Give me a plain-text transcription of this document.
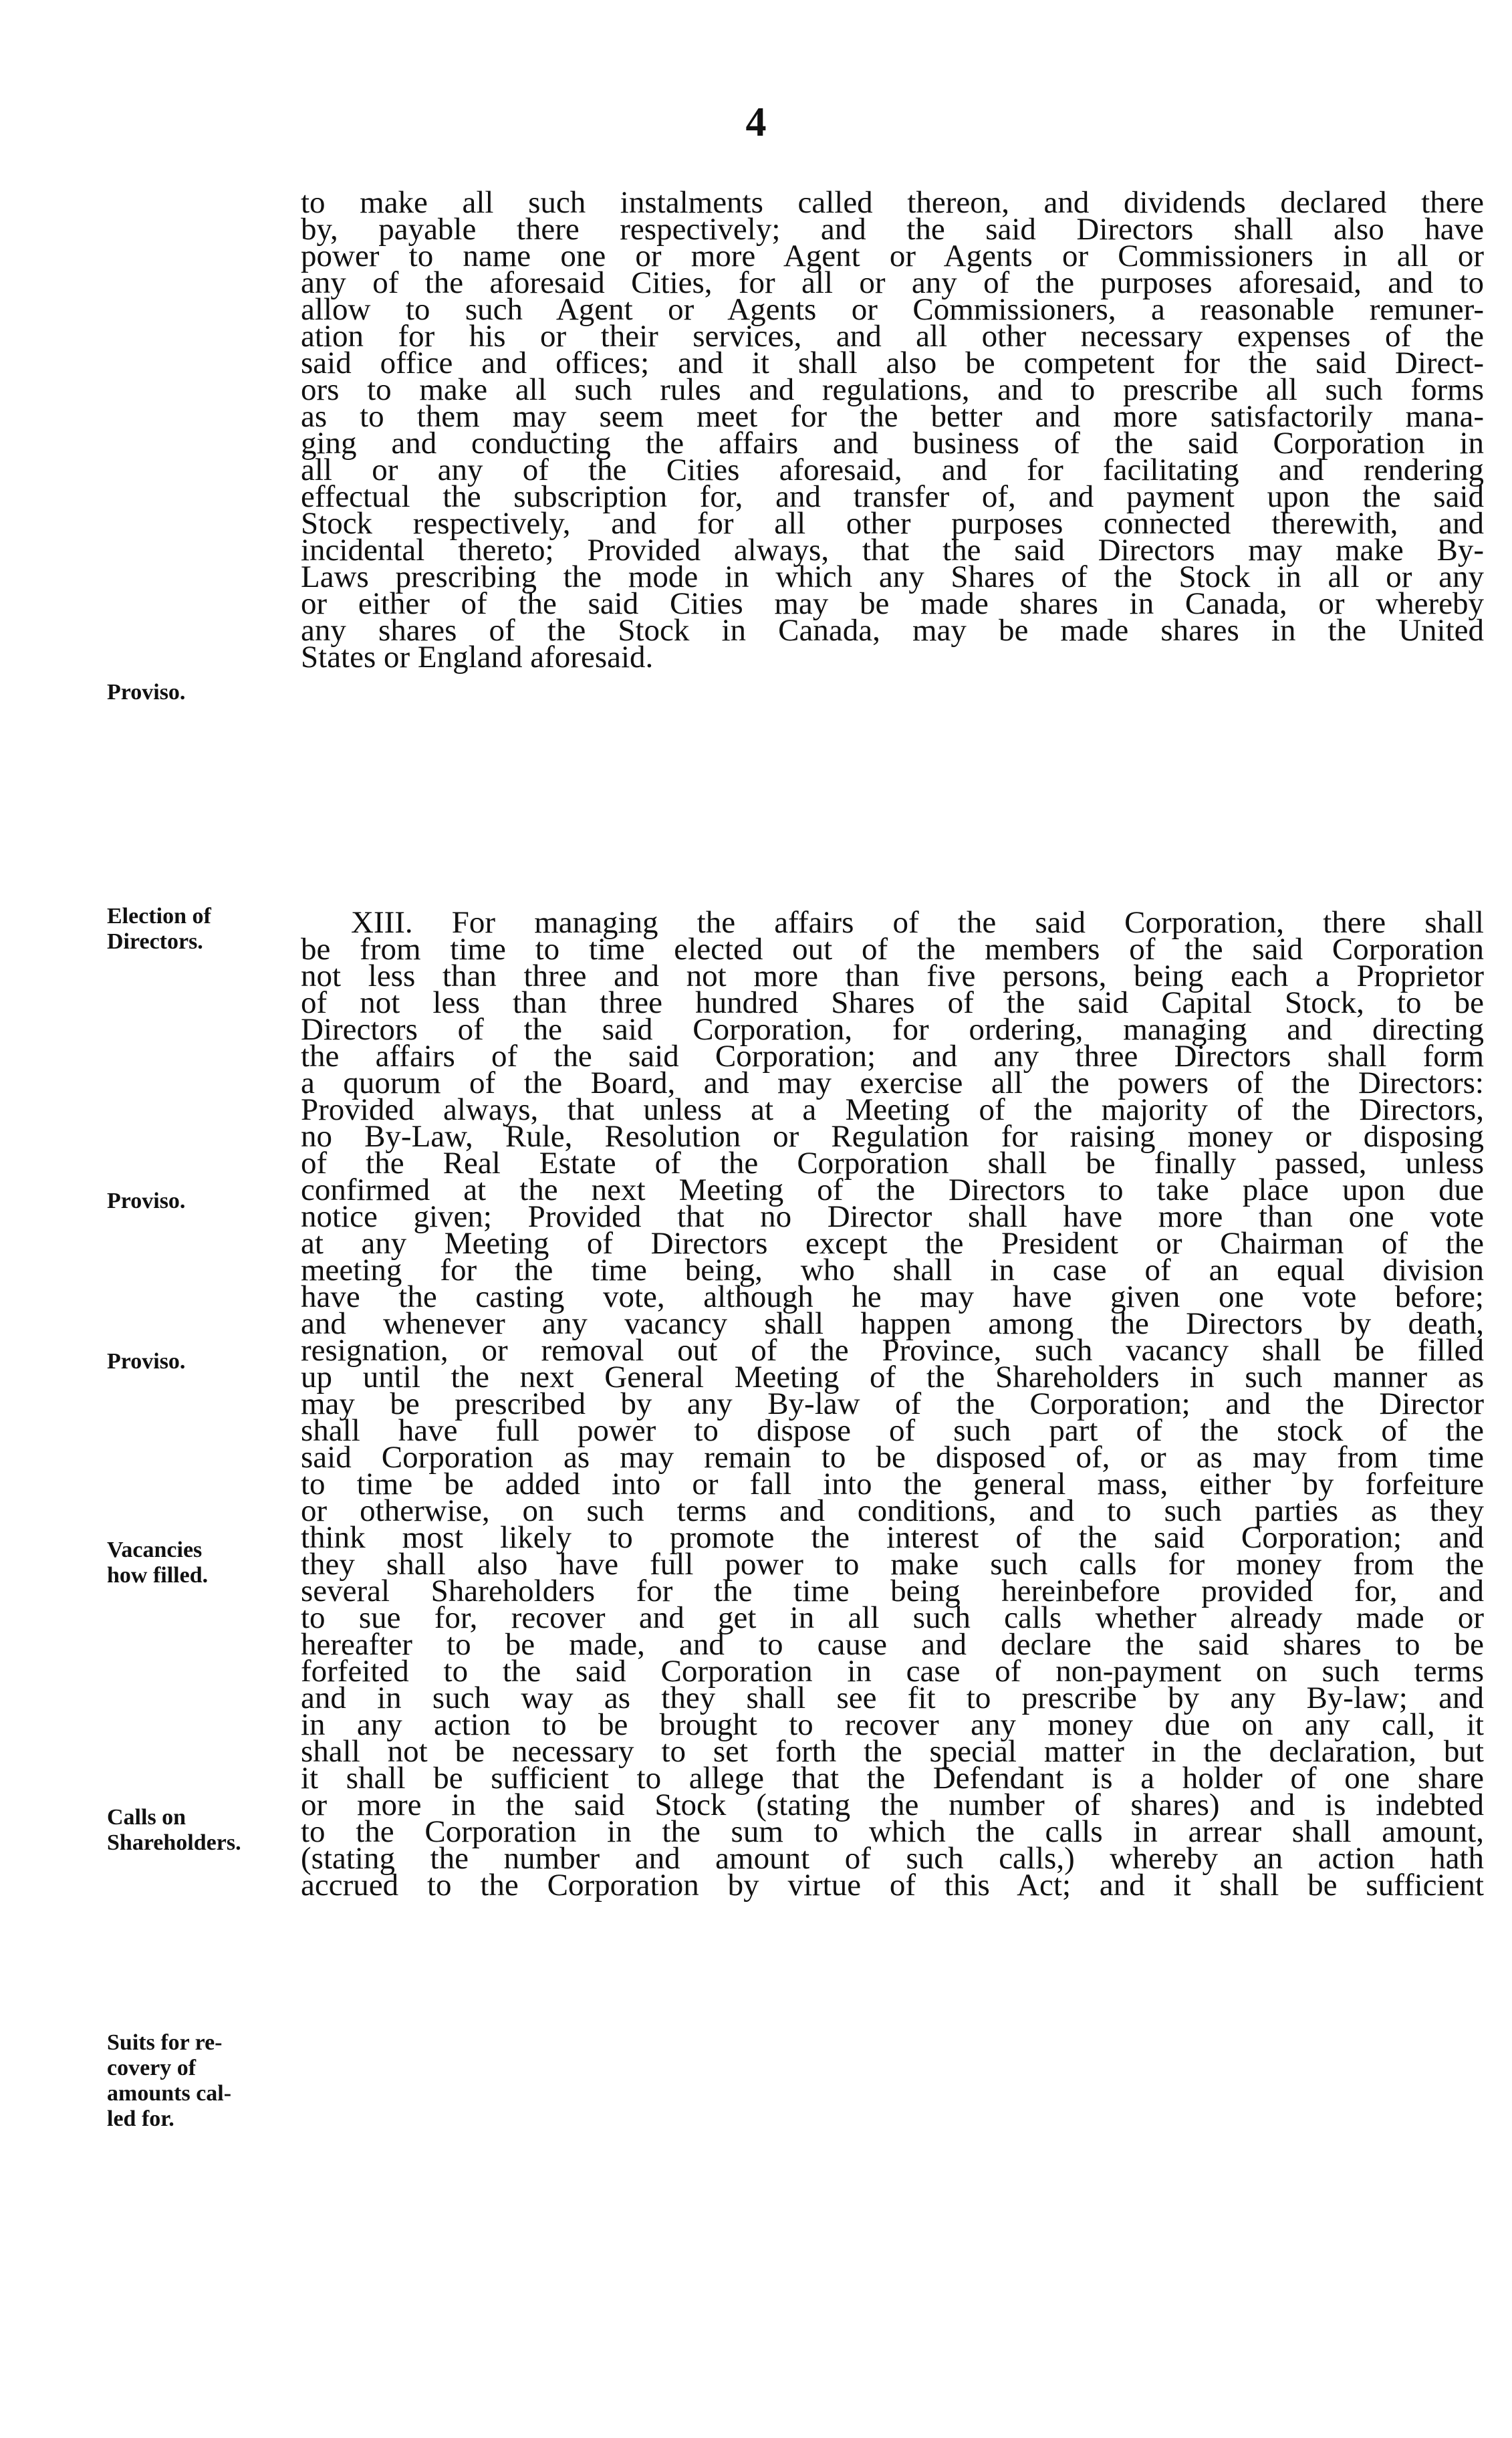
4
to make all such instalments called thereon, and dividends declared there
by, payable there respectively; and the said Directors shall also have
power to name one or more Agent or Agents or Commissioners in all or
any of the aforesaid Cities, for all or any of the purposes aforesaid, and to
allow to such Agent or Agents or Commissioners, a reasonable remuner-
ation for his or their services, and all other necessary expenses of the
said office and offices; and it shall also be competent for the said Direct-
ors to make all such rules and regulations, and to prescribe all such forms
as to them may seem meet for the better and more satisfactorily mana-
ging and conducting the affairs and business of the said Corporation in
all or any of the Cities aforesaid, and for facilitating and rendering
effectual the subscription for, and transfer of, and payment upon the said
Stock respectively, and for all other purposes connected therewith, and
incidental thereto; Provided always, that the said Directors may make By-
Laws prescribing the mode in which any Shares of the Stock in all or any
or either of the said Cities may be made shares in Canada, or whereby
any shares of the Stock in Canada, may be made shares in the United
States or England aforesaid.
XIII. For managing the affairs of the said Corporation, there shall
be from time to time elected out of the members of the said Corporation
not less than three and not more than five persons, being each a Proprietor
of not less than three hundred Shares of the said Capital Stock, to be
Directors of the said Corporation, for ordering, managing and directing
the affairs of the said Corporation; and any three Directors shall form
a quorum of the Board, and may exercise all the powers of the Directors:
Provided always, that unless at a Meeting of the majority of the Directors,
no By-Law, Rule, Resolution or Regulation for raising money or disposing
of the Real Estate of the Corporation shall be finally passed, unless
confirmed at the next Meeting of the Directors to take place upon due
notice given; Provided that no Director shall have more than one vote
at any Meeting of Directors except the President or Chairman of the
meeting for the time being, who shall in case of an equal division
have the casting vote, although he may have given one vote before;
and whenever any vacancy shall happen among the Directors by death,
resignation, or removal out of the Province, such vacancy shall be filled
up until the next General Meeting of the Shareholders in such manner as
may be prescribed by any By-law of the Corporation; and the Director
shall have full power to dispose of such part of the stock of the
said Corporation as may remain to be disposed of, or as may from time
to time be added into or fall into the general mass, either by forfeiture
or otherwise, on such terms and conditions, and to such parties as they
think most likely to promote the interest of the said Corporation; and
they shall also have full power to make such calls for money from the
several Shareholders for the time being hereinbefore provided for, and
to sue for, recover and get in all such calls whether already made or
hereafter to be made, and to cause and declare the said shares to be
forfeited to the said Corporation in case of non-payment on such terms
and in such way as they shall see fit to prescribe by any By-law; and
in any action to be brought to recover any money due on any call, it
shall not be necessary to set forth the special matter in the declaration, but
it shall be sufficient to allege that the Defendant is a holder of one share
or more in the said Stock (stating the number of shares) and is indebted
to the Corporation in the sum to which the calls in arrear shall amount,
(stating the number and amount of such calls,) whereby an action hath
accrued to the Corporation by virtue of this Act; and it shall be sufficient
Proviso.
Election of
Directors.
Proviso.
Proviso.
Vacancies
how filled.
Calls on
Shareholders.
Suits for re-
covery of
amounts cal-
led for.
